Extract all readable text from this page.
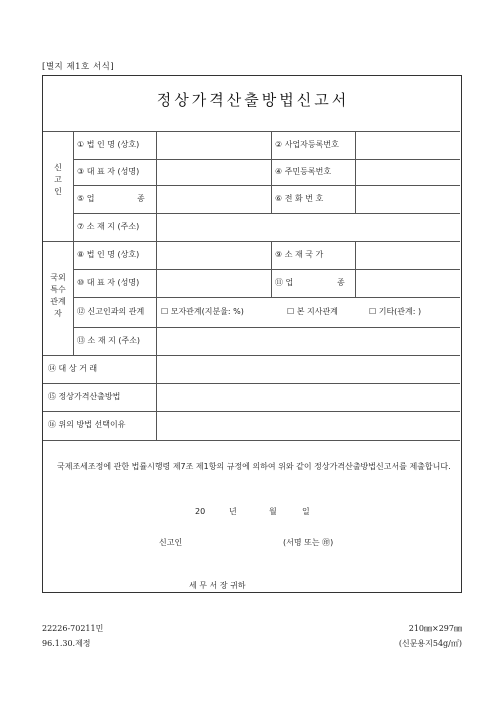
[별지 제1호 서식]
정상가격산출방법신고서
신
고
인
① 법 인 명 (상호)	② 사업자등록번호
③ 대 표 자 (성명)	④ 주민등록번호
⑤ 업	종	⑥ 전 화 번 호
⑦ 소 재 지 (주소)
국외
특수
관계
자
⑧ 법 인 명 (상호)	⑨ 소 재 국 가
⑩ 대 표 자 (성명)	⑪ 업	종
⑫ 신고인과의 관계 ☐ 모자관계(지분율: %)	☐ 본 지사관계	☐ 기타(관계: )
⑬ 소 재 지 (주소)
⑭ 대 상 거 래
⑮ 정상가격산출방법
⑯ 위의 방법 선택이유
국제조세조정에 관한 법률시행령 제7조 제1항의 규정에 의하여 위와 같이 정상가격산출방법신고서를 제출합니다.
20	년	월	일
신고인	(서명 또는 ㊞)
세 무 서 장 귀하
22226-70211민
96.1.30.제정
210㎜×297㎜
(신문용지54g/㎡)
